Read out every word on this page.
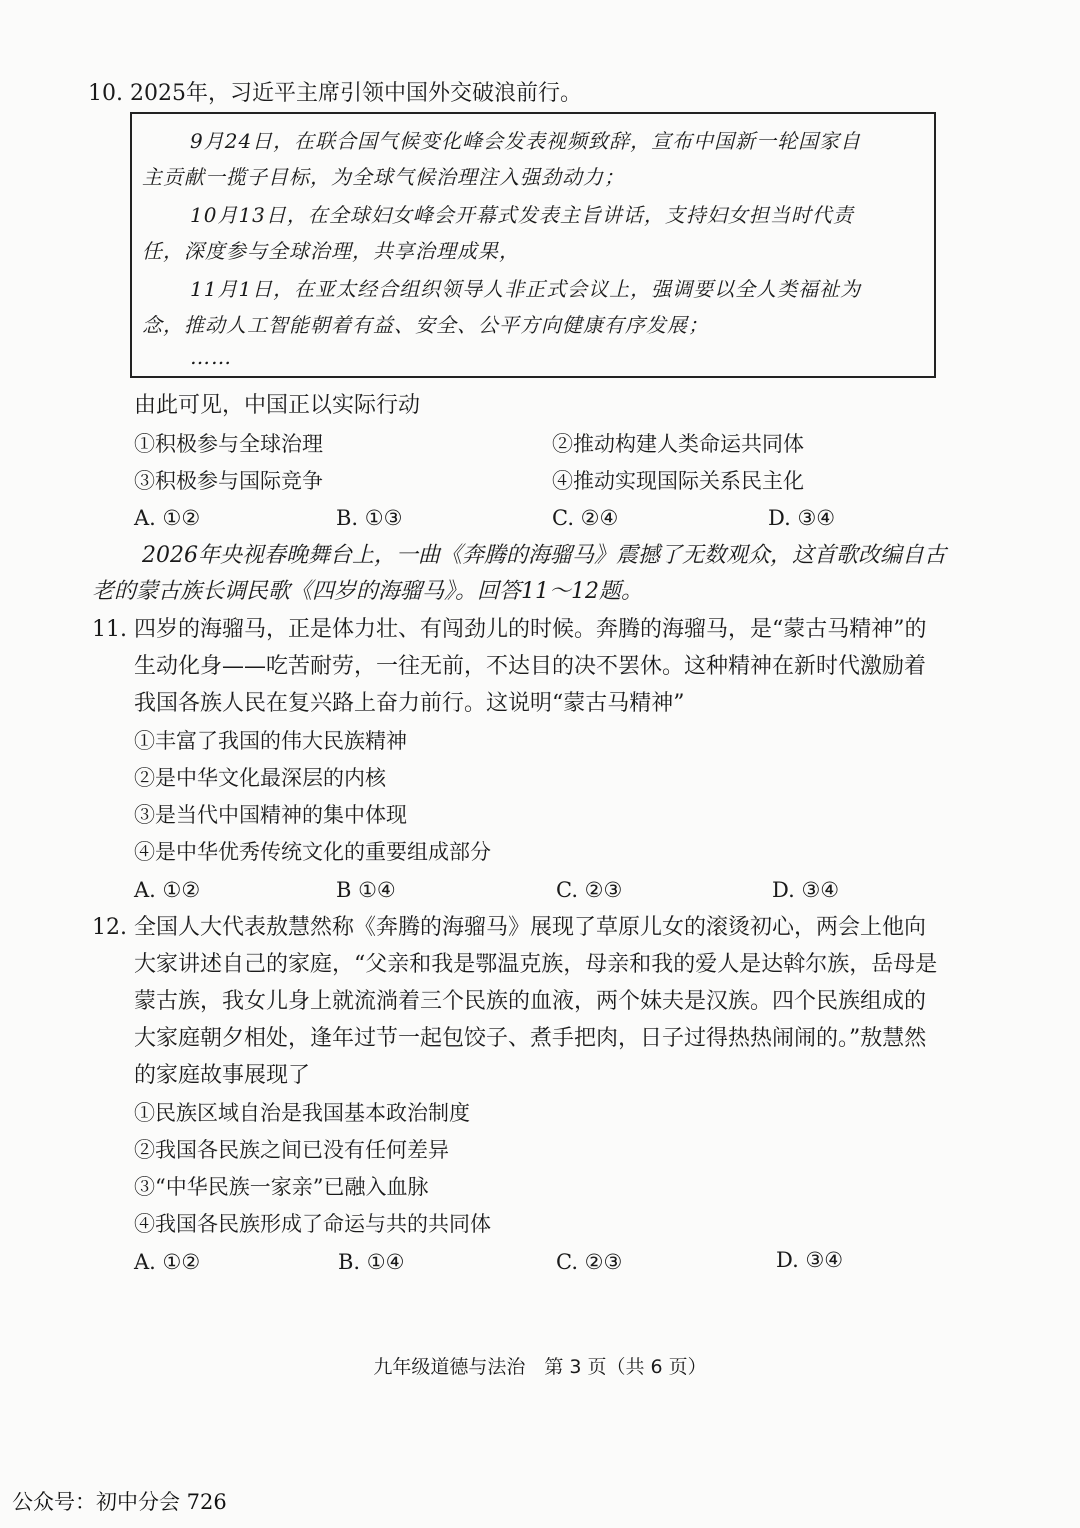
10. 2025年，习近平主席引领中国外交破浪前行。
9月24日，在联合国气候变化峰会发表视频致辞，宣布中国新一轮国家自
主贡献一揽子目标，为全球气候治理注入强劲动力；
10月13日，在全球妇女峰会开幕式发表主旨讲话，支持妇女担当时代责
任，深度参与全球治理，共享治理成果，
11月1日，在亚太经合组织领导人非正式会议上，强调要以全人类福祉为
念，推动人工智能朝着有益、安全、公平方向健康有序发展；
……
由此可见，中国正以实际行动
①积极参与全球治理	②推动构建人类命运共同体
③积极参与国际竞争	④推动实现国际关系民主化
A. ①②	B. ①③	C. ②④	D. ③④
2026年央视春晚舞台上，一曲《奔腾的海骝马》震撼了无数观众，这首歌改编自古
老的蒙古族长调民歌《四岁的海骝马》。回答11～12题。
11. 四岁的海骝马，正是体力壮、有闯劲儿的时候。奔腾的海骝马，是“蒙古马精神”的
生动化身——吃苦耐劳，一往无前，不达目的决不罢休。这种精神在新时代激励着
我国各族人民在复兴路上奋力前行。这说明“蒙古马精神”
①丰富了我国的伟大民族精神
②是中华文化最深层的内核
③是当代中国精神的集中体现
④是中华优秀传统文化的重要组成部分
A. ①②	B ①④	C. ②③	D. ③④
12. 全国人大代表敖慧然称《奔腾的海骝马》展现了草原儿女的滚烫初心，两会上他向
大家讲述自己的家庭，“父亲和我是鄂温克族，母亲和我的爱人是达斡尔族，岳母是
蒙古族，我女儿身上就流淌着三个民族的血液，两个妹夫是汉族。四个民族组成的
大家庭朝夕相处，逢年过节一起包饺子、煮手把肉，日子过得热热闹闹的。”敖慧然
的家庭故事展现了
①民族区域自治是我国基本政治制度
②我国各民族之间已没有任何差异
③“中华民族一家亲”已融入血脉
④我国各民族形成了命运与共的共同体
A. ①②	B. ①④	C. ②③	D. ③④
九年级道德与法治　第 3 页（共 6 页）
公众号：初中分会 726
